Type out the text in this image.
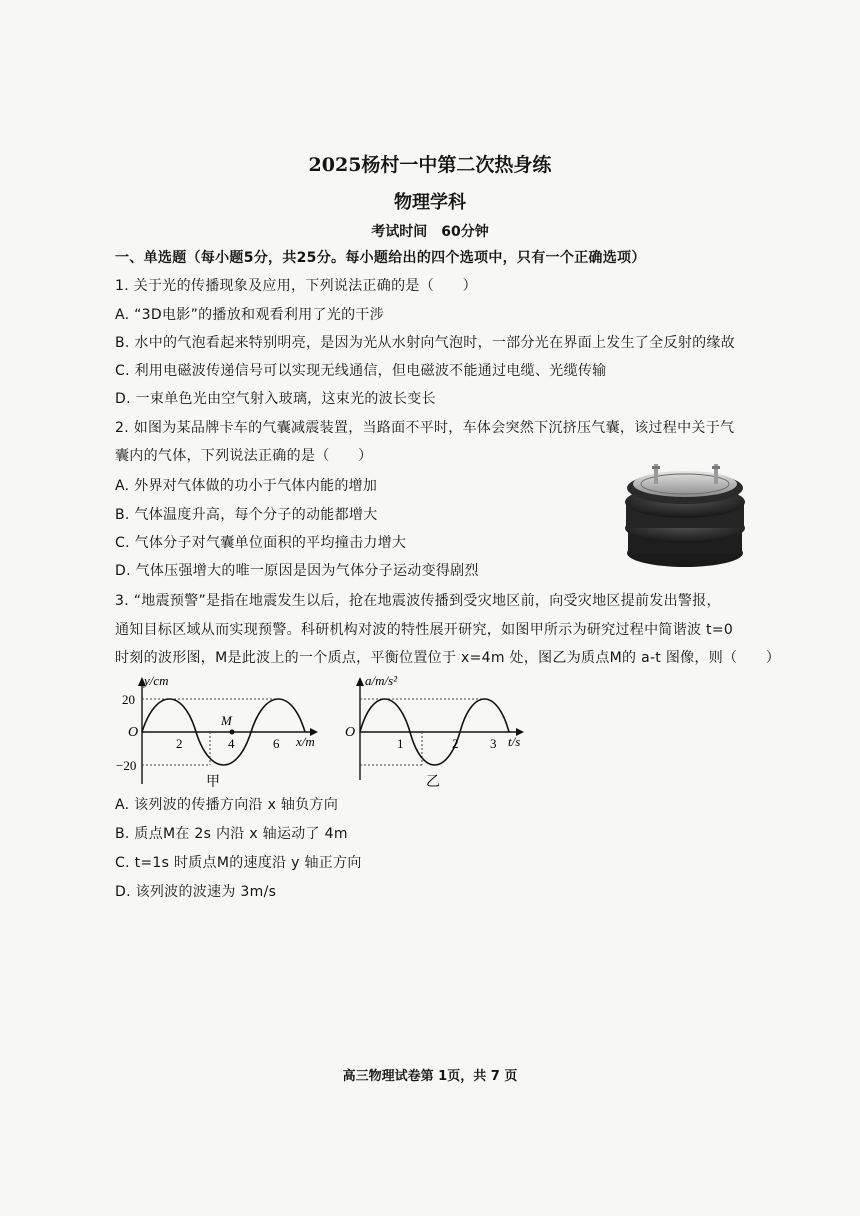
2025杨村一中第二次热身练
物理学科
考试时间　60分钟
一、单选题（每小题5分，共25分。每小题给出的四个选项中，只有一个正确选项）
1. 关于光的传播现象及应用，下列说法正确的是（　　）
A. “3D电影”的播放和观看利用了光的干涉
B. 水中的气泡看起来特别明亮，是因为光从水射向气泡时，一部分光在界面上发生了全反射的缘故
C. 利用电磁波传递信号可以实现无线通信，但电磁波不能通过电缆、光缆传输
D. 一束单色光由空气射入玻璃，这束光的波长变长
2. 如图为某品牌卡车的气囊减震装置，当路面不平时，车体会突然下沉挤压气囊，该过程中关于气
囊内的气体，下列说法正确的是（　　）
A. 外界对气体做的功小于气体内能的增加
B. 气体温度升高，每个分子的动能都增大
C. 气体分子对气囊单位面积的平均撞击力增大
D. 气体压强增大的唯一原因是因为气体分子运动变得剧烈
3. “地震预警”是指在地震发生以后，抢在地震波传播到受灾地区前，向受灾地区提前发出警报，
通知目标区域从而实现预警。科研机构对波的特性展开研究，如图甲所示为研究过程中简谐波 t=0
时刻的波形图，M是此波上的一个质点，平衡位置位于 x=4m 处，图乙为质点M的 a-t 图像，则（　　）
y/cm
x/m
O
20
−20
2	4	6
M
甲
a/m/s²
t/s
O
1	2 3
乙
A. 该列波的传播方向沿 x 轴负方向
B. 质点M在 2s 内沿 x 轴运动了 4m
C. t=1s 时质点M的速度沿 y 轴正方向
D. 该列波的波速为 3m/s
高三物理试卷第 1页，共 7 页
